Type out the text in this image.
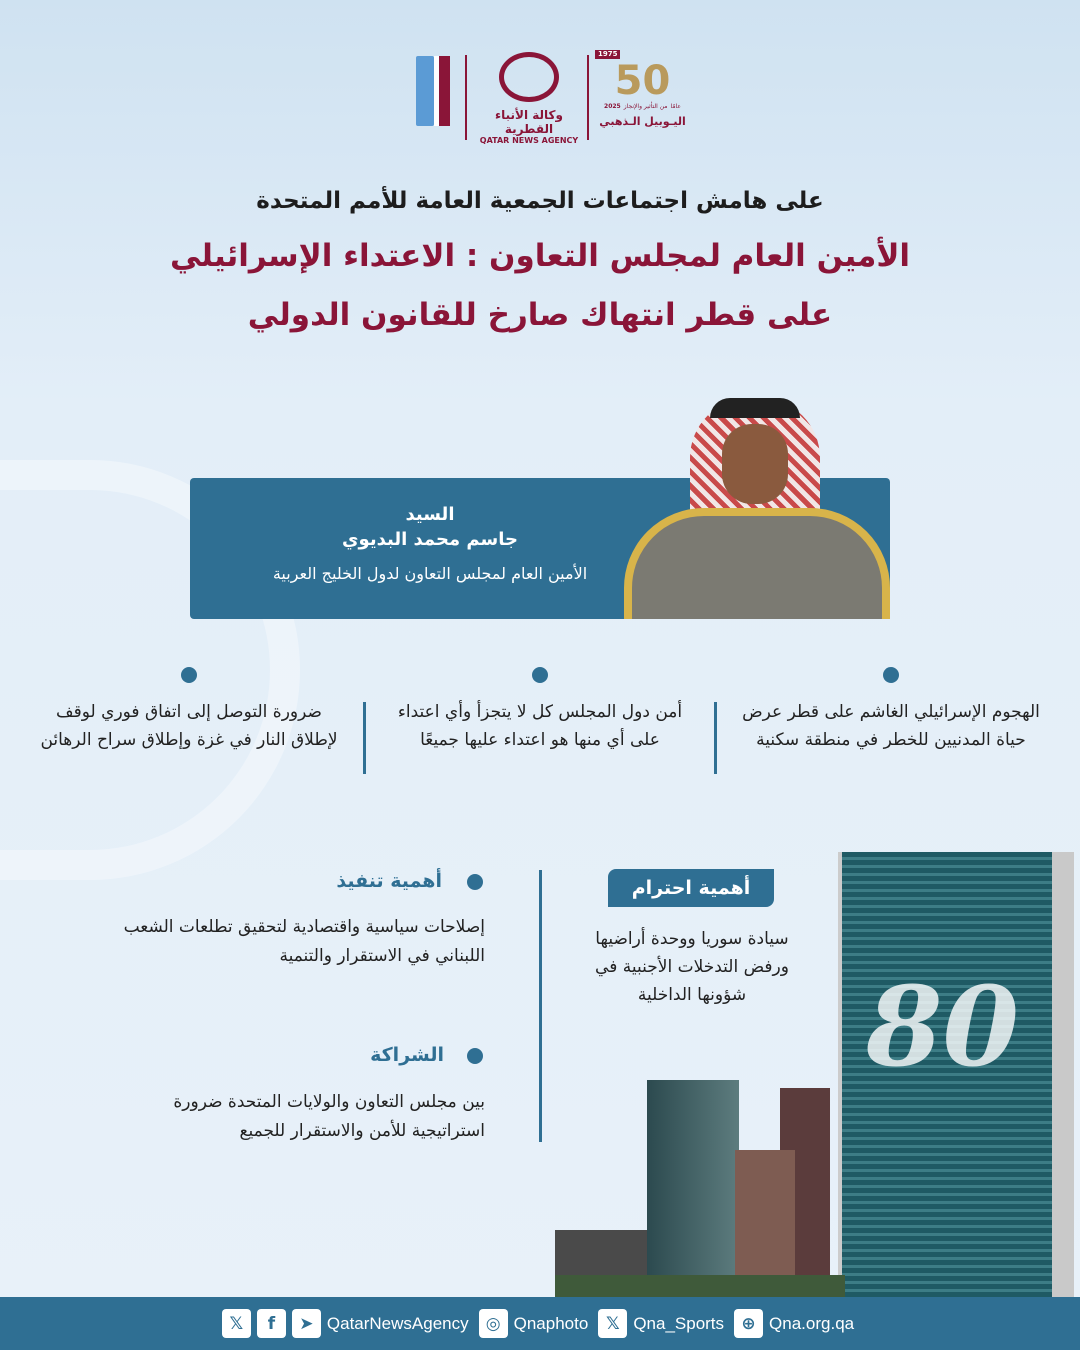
وكالة الأنباء القطرية
QATAR NEWS AGENCY
1975
50
عامًا
من التأثير والإنجاز
2025
اليـوبيل الـذهبي
على هامش اجتماعات الجمعية العامة للأمم المتحدة
الأمين العام لمجلس التعاون : الاعتداء الإسرائيلي
على قطر انتهاك صارخ للقانون الدولي
السيد
جاسم محمد البديوي
الأمين العام لمجلس التعاون لدول الخليج العربية
الهجوم الإسرائيلي الغاشم على قطر عرض حياة المدنيين للخطر في منطقة سكنية
أمن دول المجلس كل لا يتجزأ وأي اعتداء على أي منها هو اعتداء عليها جميعًا
ضرورة التوصل إلى اتفاق فوري لوقف لإطلاق النار في غزة وإطلاق سراح الرهائن
80
أهمية احترام
سيادة سوريا ووحدة أراضيها ورفض التدخلات الأجنبية في شؤونها الداخلية
أهمية تنفيذ
إصلاحات سياسية واقتصادية لتحقيق تطلعات الشعب اللبناني في الاستقرار والتنمية
الشراكة
بين مجلس التعاون والولايات المتحدة ضرورة استراتيجية للأمن والاستقرار للجميع
𝕏	f	➤ QatarNewsAgency	◎ Qnaphoto	𝕏 Qna_Sports	⊕ Qna.org.qa
